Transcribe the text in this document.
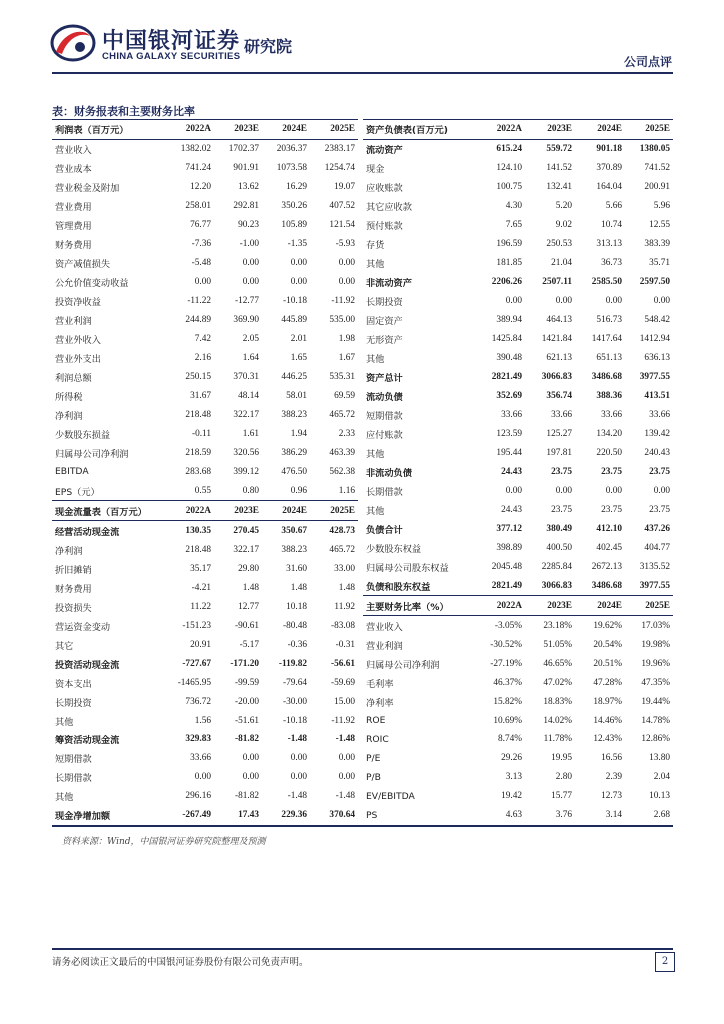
中国银河证券 研究院
CHINA GALAXY SECURITIES	公司点评
表：财务报表和主要财务比率
利润表（百万元）	2022A	2023E	2024E	2025E
营业收入	1382.02	1702.37	2036.37	2383.17
营业成本	741.24	901.91	1073.58	1254.74
营业税金及附加	12.20	13.62	16.29	19.07
营业费用	258.01	292.81	350.26	407.52
管理费用	76.77	90.23	105.89	121.54
财务费用	-7.36	-1.00	-1.35	-5.93
资产减值损失	-5.48	0.00	0.00	0.00
公允价值变动收益	0.00	0.00	0.00	0.00
投资净收益	-11.22	-12.77	-10.18	-11.92
营业利润	244.89	369.90	445.89	535.00
营业外收入	7.42	2.05	2.01	1.98
营业外支出	2.16	1.64	1.65	1.67
利润总额	250.15	370.31	446.25	535.31
所得税	31.67	48.14	58.01	69.59
净利润	218.48	322.17	388.23	465.72
少数股东损益	-0.11	1.61	1.94	2.33
归属母公司净利润	218.59	320.56	386.29	463.39
EBITDA	283.68	399.12	476.50	562.38
EPS（元）	0.55	0.80	0.96	1.16
现金流量表（百万元）	2022A	2023E	2024E	2025E
经营活动现金流	130.35	270.45	350.67	428.73
净利润	218.48	322.17	388.23	465.72
折旧摊销	35.17	29.80	31.60	33.00
财务费用	-4.21	1.48	1.48	1.48
投资损失	11.22	12.77	10.18	11.92
营运资金变动	-151.23	-90.61	-80.48	-83.08
其它	20.91	-5.17	-0.36	-0.31
投资活动现金流	-727.67	-171.20	-119.82	-56.61
资本支出	-1465.95	-99.59	-79.64	-59.69
长期投资	736.72	-20.00	-30.00	15.00
其他	1.56	-51.61	-10.18	-11.92
筹资活动现金流	329.83	-81.82	-1.48	-1.48
短期借款	33.66	0.00	0.00	0.00
长期借款	0.00	0.00	0.00	0.00
其他	296.16	-81.82	-1.48	-1.48
现金净增加额	-267.49	17.43	229.36	370.64
资产负债表(百万元)	2022A	2023E	2024E	2025E
流动资产	615.24	559.72	901.18	1380.05
现金	124.10	141.52	370.89	741.52
应收账款	100.75	132.41	164.04	200.91
其它应收款	4.30	5.20	5.66	5.96
预付账款	7.65	9.02	10.74	12.55
存货	196.59	250.53	313.13	383.39
其他	181.85	21.04	36.73	35.71
非流动资产	2206.26	2507.11	2585.50	2597.50
长期投资	0.00	0.00	0.00	0.00
固定资产	389.94	464.13	516.73	548.42
无形资产	1425.84	1421.84	1417.64	1412.94
其他	390.48	621.13	651.13	636.13
资产总计	2821.49	3066.83	3486.68	3977.55
流动负债	352.69	356.74	388.36	413.51
短期借款	33.66	33.66	33.66	33.66
应付账款	123.59	125.27	134.20	139.42
其他	195.44	197.81	220.50	240.43
非流动负债	24.43	23.75	23.75	23.75
长期借款	0.00	0.00	0.00	0.00
其他	24.43	23.75	23.75	23.75
负债合计	377.12	380.49	412.10	437.26
少数股东权益	398.89	400.50	402.45	404.77
归属母公司股东权益	2045.48	2285.84	2672.13	3135.52
负债和股东权益	2821.49	3066.83	3486.68	3977.55
主要财务比率（%）	2022A	2023E	2024E	2025E
营业收入	-3.05%	23.18%	19.62%	17.03%
营业利润	-30.52%	51.05%	20.54%	19.98%
归属母公司净利润	-27.19%	46.65%	20.51%	19.96%
毛利率	46.37%	47.02%	47.28%	47.35%
净利率	15.82%	18.83%	18.97%	19.44%
ROE	10.69%	14.02%	14.46%	14.78%
ROIC	8.74%	11.78%	12.43%	12.86%
P/E	29.26	19.95	16.56	13.80
P/B	3.13	2.80	2.39	2.04
EV/EBITDA	19.42	15.77	12.73	10.13
PS	4.63	3.76	3.14	2.68
资料来源：Wind，中国银河证券研究院整理及预测
请务必阅读正文最后的中国银河证券股份有限公司免责声明。	2
